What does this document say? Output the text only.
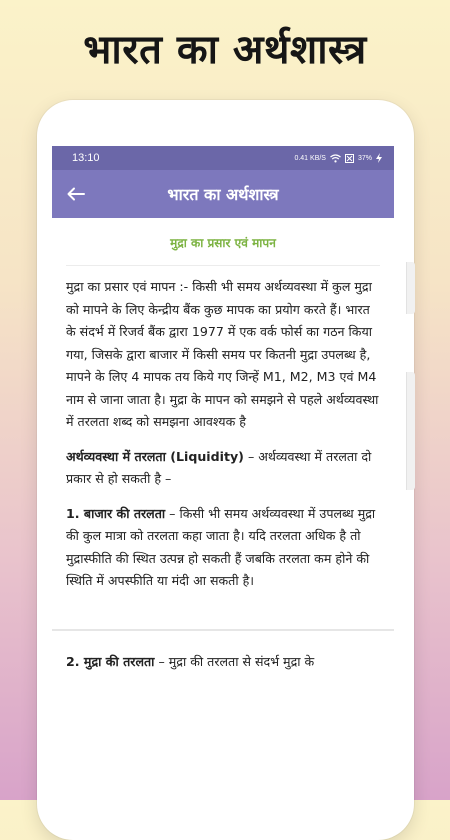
भारत का अर्थशास्त्र
13:10	0.41 KB/S	37%
भारत का अर्थशास्त्र
मुद्रा का प्रसार एवं मापन

मुद्रा का प्रसार एवं मापन :- किसी भी समय अर्थव्यवस्था में कुल मुद्रा को मापने के लिए केन्द्रीय बैंक कुछ मापक का प्रयोग करते हैं। भारत के संदर्भ में रिजर्व बैंक द्वारा 1977 में एक वर्क फोर्स का गठन किया गया, जिसके द्वारा बाजार में किसी समय पर कितनी मुद्रा उपलब्ध है, मापने के लिए 4 मापक तय किये गए जिन्हें M1, M2, M3 एवं M4 नाम से जाना जाता है। मुद्रा के मापन को समझने से पहले अर्थव्यवस्था में तरलता शब्द को समझना आवश्यक है

अर्थव्यवस्था में तरलता (Liquidity) – अर्थव्यवस्था में तरलता दो प्रकार से हो सकती है –

1. बाजार की तरलता – किसी भी समय अर्थव्यवस्था में उपलब्ध मुद्रा की कुल मात्रा को तरलता कहा जाता है। यदि तरलता अधिक है तो मुद्रास्फीति की स्थित उत्पन्न हो सकती हैं जबकि तरलता कम होने की स्थिति में अपस्फीति या मंदी आ सकती है।

2. मुद्रा की तरलता – मुद्रा की तरलता से संदर्भ मुद्रा के
